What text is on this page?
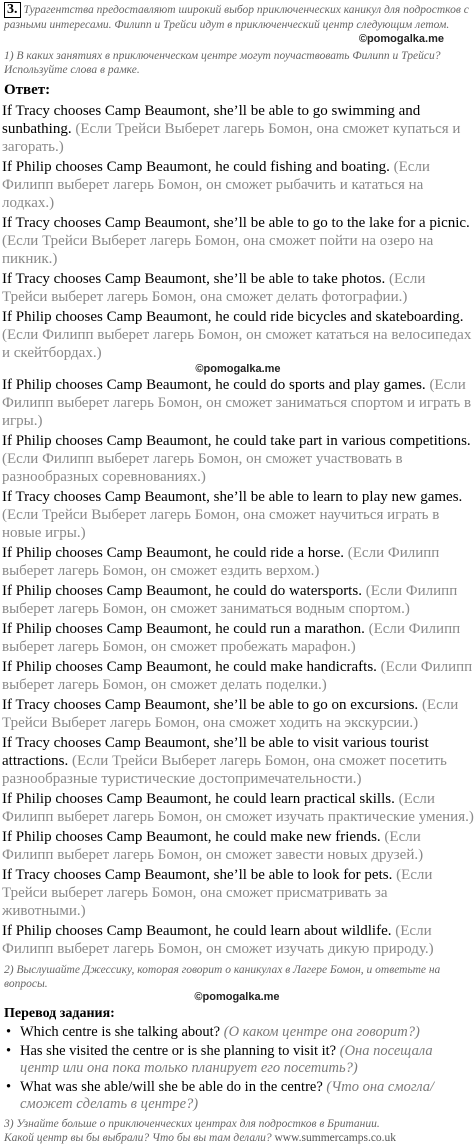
3. Турагентства предоставляют широкий выбор приключенческих каникул для подростков с разными интересами. Филипп и Трейси идут в приключенческий центр следующим летом.
©pomogalka.me
1) В каких занятиях в приключенческом центре могут поучаствовать Филипп и Трейси? Используйте слова в рамке.
Ответ:

If Tracy chooses Camp Beaumont, she’ll be able to go swimming and sunbathing. (Если Трейси Выберет лагерь Бомон, она сможет купаться и загорать.)

If Philip chooses Camp Beaumont, he could fishing and boating. (Если Филипп выберет лагерь Бомон, он сможет рыбачить и кататься на лодках.)

If Tracy chooses Camp Beaumont, she’ll be able to go to the lake for a picnic. (Если Трейси Выберет лагерь Бомон, она сможет пойти на озеро на пикник.)

If Tracy chooses Camp Beaumont, she’ll be able to take photos. (Если Трейси выберет лагерь Бомон, она сможет делать фотографии.)

If Philip chooses Camp Beaumont, he could ride bicycles and skateboarding. (Если Филипп выберет лагерь Бомон, он сможет кататься на велосипедах и скейтбордах.)

©pomogalka.me

If Philip chooses Camp Beaumont, he could do sports and play games. (Если Филипп выберет лагерь Бомон, он сможет заниматься спортом и играть в игры.)

If Philip chooses Camp Beaumont, he could take part in various competitions. (Если Филипп выберет лагерь Бомон, он сможет участвовать в разнообразных соревнованиях.)

If Tracy chooses Camp Beaumont, she’ll be able to learn to play new games. (Если Трейси Выберет лагерь Бомон, она сможет научиться играть в новые игры.)

If Philip chooses Camp Beaumont, he could ride a horse. (Если Филипп выберет лагерь Бомон, он сможет ездить верхом.)

If Philip chooses Camp Beaumont, he could do watersports. (Если Филипп выберет лагерь Бомон, он сможет заниматься водным спортом.)

If Philip chooses Camp Beaumont, he could run a marathon. (Если Филипп выберет лагерь Бомон, он сможет пробежать марафон.)

If Philip chooses Camp Beaumont, he could make handicrafts. (Если Филипп выберет лагерь Бомон, он сможет делать поделки.)

If Tracy chooses Camp Beaumont, she’ll be able to go on excursions. (Если Трейси Выберет лагерь Бомон, она сможет ходить на экскурсии.)

If Tracy chooses Camp Beaumont, she’ll be able to visit various tourist attractions. (Если Трейси Выберет лагерь Бомон, она сможет посетить разнообразные туристические достопримечательности.)

If Philip chooses Camp Beaumont, he could learn practical skills. (Если Филипп выберет лагерь Бомон, он сможет изучать практические умения.)

If Philip chooses Camp Beaumont, he could make new friends. (Если Филипп выберет лагерь Бомон, он сможет завести новых друзей.)

If Tracy chooses Camp Beaumont, she’ll be able to look for pets. (Если Трейси выберет лагерь Бомон, она сможет присматривать за животными.)

If Philip chooses Camp Beaumont, he could learn about wildlife. (Если Филипп выберет лагерь Бомон, он сможет изучать дикую природу.)

2) Выслушайте Джессику, которая говорит о каникулах в Лагере Бомон, и ответьте на вопросы.
©pomogalka.me
Перевод задания:
• Which centre is she talking about? (О каком центре она говорит?)
• Has she visited the centre or is she planning to visit it? (Она посещала центр или она пока только планирует его посетить?)
• What was she able/will she be able do in the centre? (Что она смогла/сможет сделать в центре?)
3) Узнайте больше о приключенческих центрах для подростков в Британии.
Какой центр вы бы выбрали? Что бы вы там делали? www.summercamps.co.uk
